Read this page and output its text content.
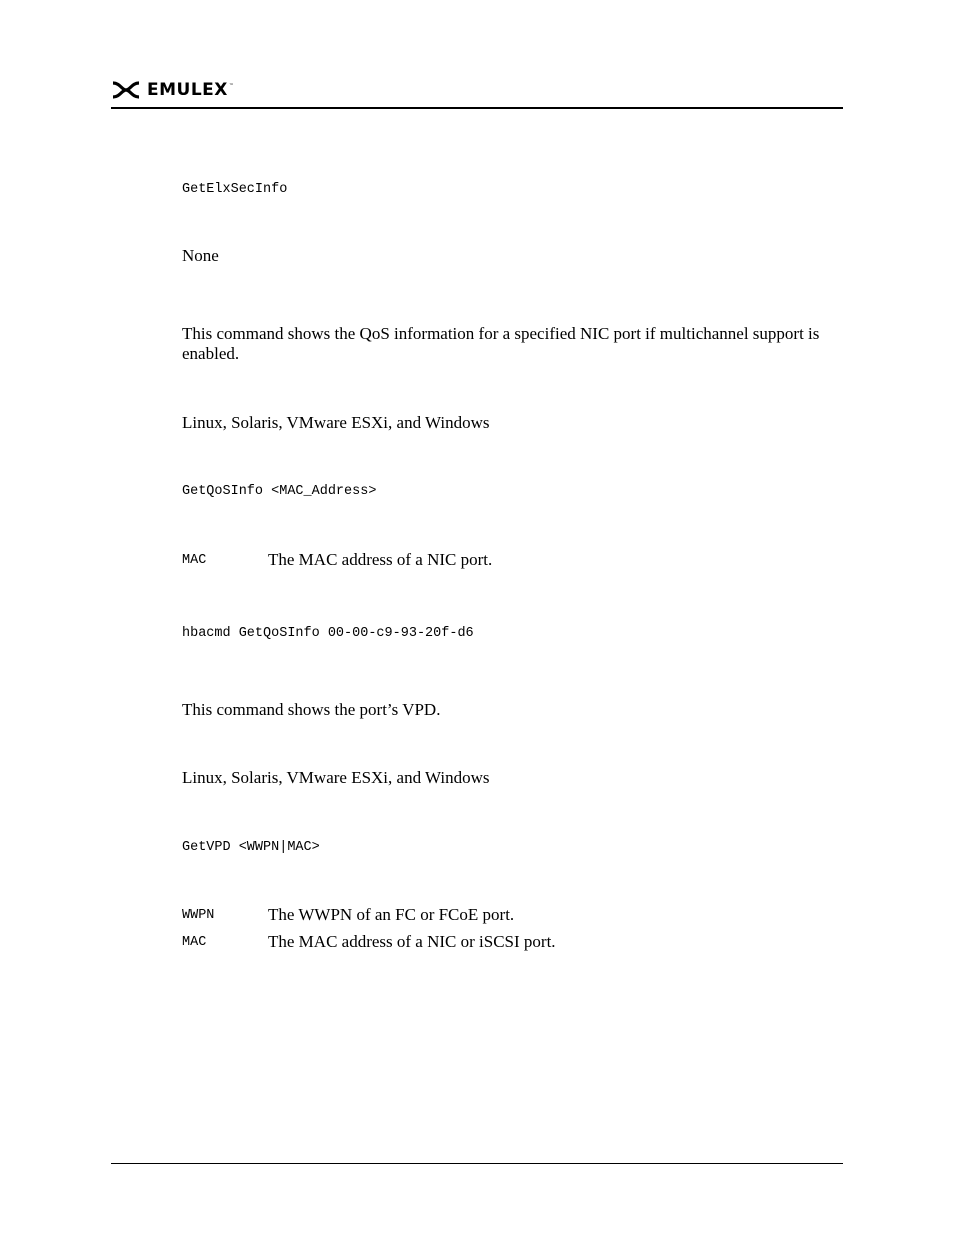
EMULEX ™
GetElxSecInfo
None
This command shows the QoS information for a specified NIC port if multichannel support is enabled.
Linux, Solaris, VMware ESXi, and Windows
GetQoSInfo <MAC_Address>
MAC	The MAC address of a NIC port.
hbacmd GetQoSInfo 00-00-c9-93-20f-d6
This command shows the port’s VPD.
Linux, Solaris, VMware ESXi, and Windows
GetVPD <WWPN|MAC>
WWPN	The WWPN of an FC or FCoE port.
MAC	The MAC address of a NIC or iSCSI port.
